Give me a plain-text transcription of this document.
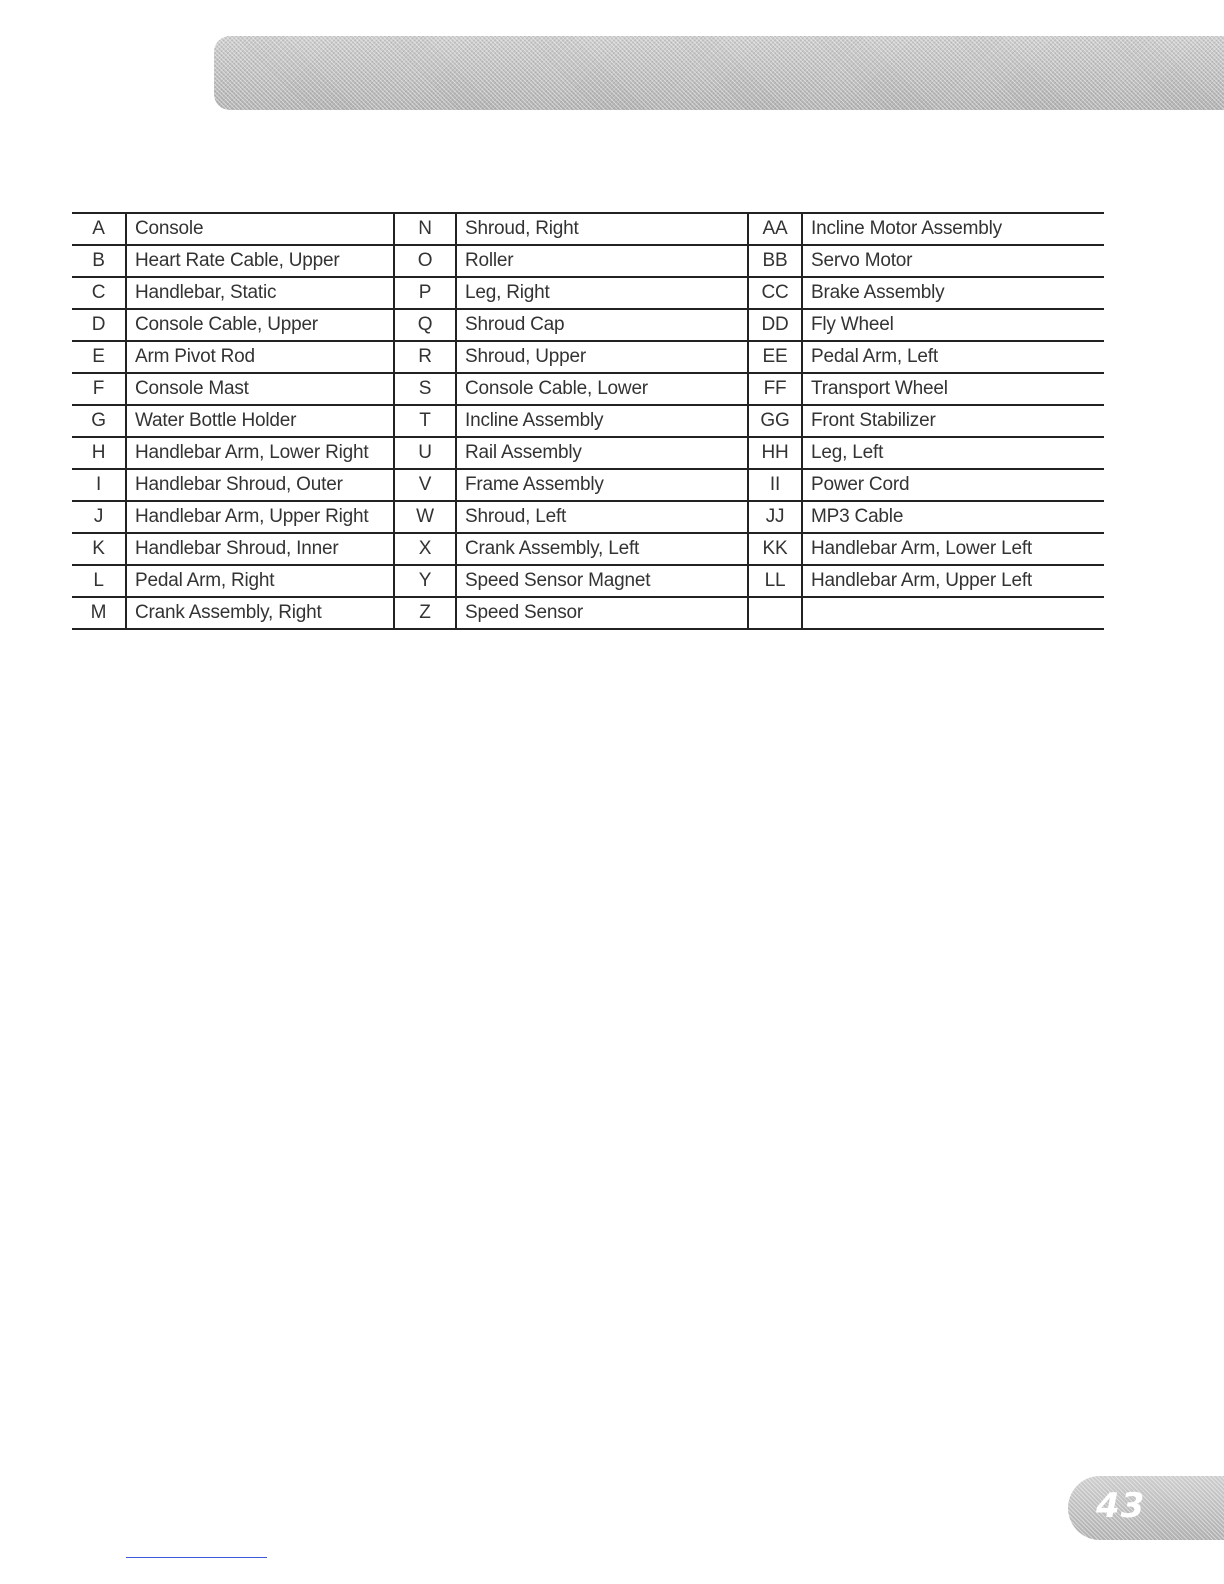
A	Console	N	Shroud, Right	AA	Incline Motor Assembly
B	Heart Rate Cable, Upper	O	Roller	BB	Servo Motor
C	Handlebar, Static	P	Leg, Right	CC	Brake Assembly
D	Console Cable, Upper	Q	Shroud Cap	DD	Fly Wheel
E	Arm Pivot Rod	R	Shroud, Upper	EE	Pedal Arm, Left
F	Console Mast	S	Console Cable, Lower	FF	Transport Wheel
G	Water Bottle Holder	T	Incline Assembly	GG	Front Stabilizer
H	Handlebar Arm, Lower Right	U	Rail Assembly	HH	Leg, Left
I	Handlebar Shroud, Outer	V	Frame Assembly	II	Power Cord
J	Handlebar Arm, Upper Right	W	Shroud, Left	JJ	MP3 Cable
K	Handlebar Shroud, Inner	X	Crank Assembly, Left	KK	Handlebar Arm, Lower Left
L	Pedal Arm, Right	Y	Speed Sensor Magnet	LL	Handlebar Arm, Upper Left
M	Crank Assembly, Right	Z	Speed Sensor		
43
